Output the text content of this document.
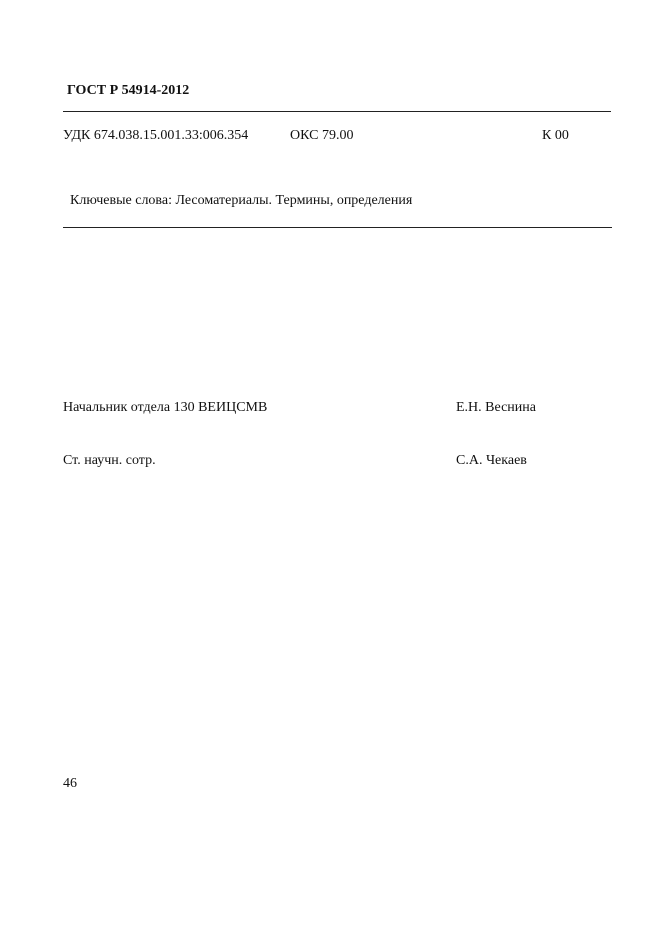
ГОСТ Р 54914-2012
УДК 674.038.15.001.33:006.354	ОКС 79.00	К 00
Ключевые слова: Лесоматериалы. Термины, определения
Начальник отдела 130 ВЕИЦСМВ	Е.Н. Веснина
Ст. научн. сотр.	С.А. Чекаев
46
